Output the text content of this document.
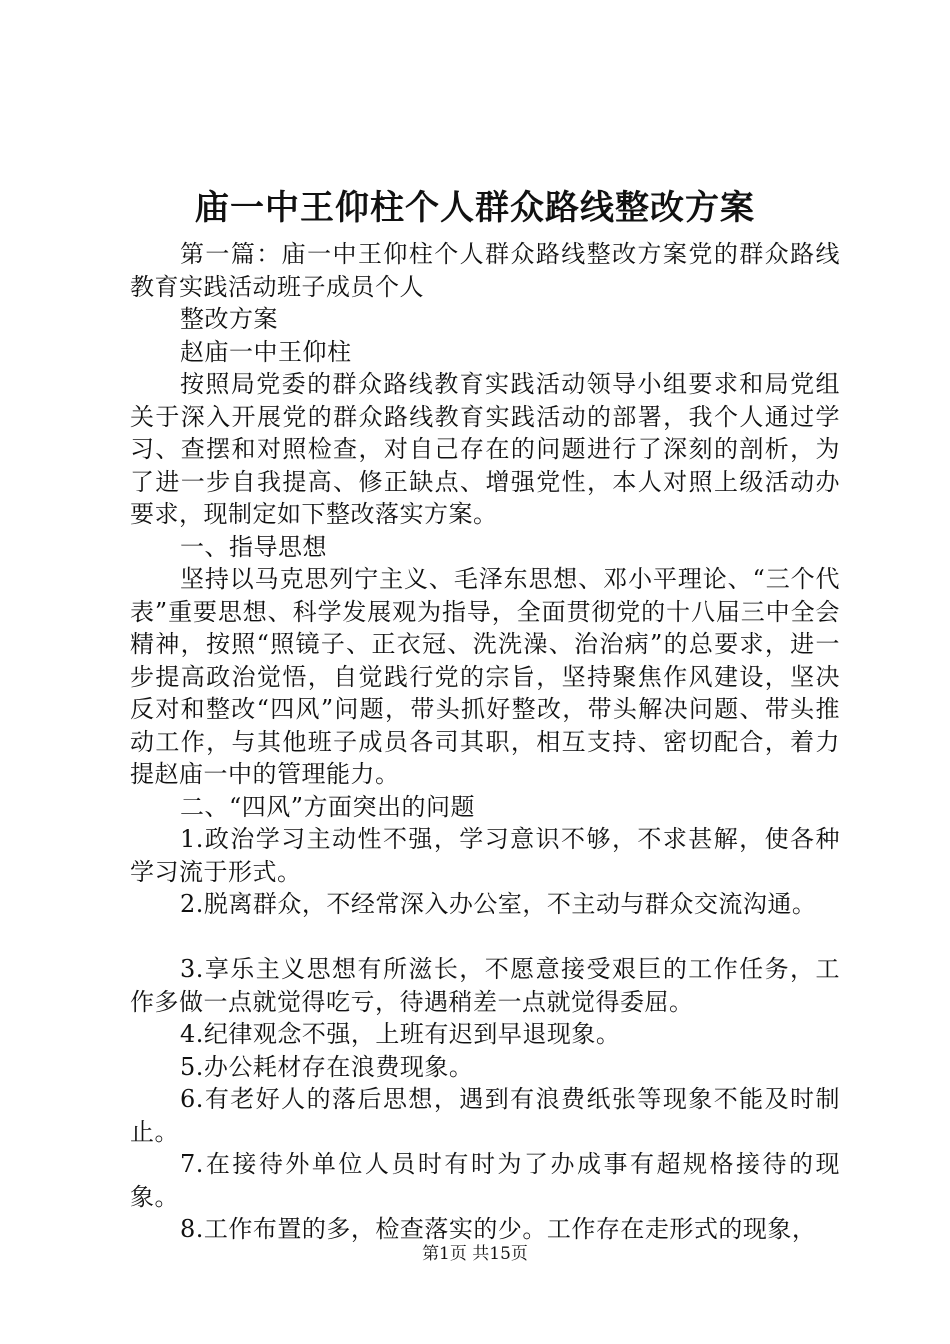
庙一中王仰柱个人群众路线整改方案

第一篇：庙一中王仰柱个人群众路线整改方案党的群众路线教育实践活动班子成员个人

整改方案

赵庙一中王仰柱

按照局党委的群众路线教育实践活动领导小组要求和局党组关于深入开展党的群众路线教育实践活动的部署，我个人通过学习、查摆和对照检查，对自己存在的问题进行了深刻的剖析，为了进一步自我提高、修正缺点、增强党性，本人对照上级活动办要求，现制定如下整改落实方案。

一、指导思想

坚持以马克思列宁主义、毛泽东思想、邓小平理论、“三个代表”重要思想、科学发展观为指导，全面贯彻党的十八届三中全会精神，按照“照镜子、正衣冠、洗洗澡、治治病”的总要求，进一步提高政治觉悟，自觉践行党的宗旨，坚持聚焦作风建设，坚决反对和整改“四风”问题，带头抓好整改，带头解决问题、带头推动工作，与其他班子成员各司其职，相互支持、密切配合，着力提赵庙一中的管理能力。

二、“四风”方面突出的问题

1.政治学习主动性不强，学习意识不够，不求甚解，使各种学习流于形式。

2.脱离群众，不经常深入办公室，不主动与群众交流沟通。

3.享乐主义思想有所滋长，不愿意接受艰巨的工作任务，工作多做一点就觉得吃亏，待遇稍差一点就觉得委屈。

4.纪律观念不强，上班有迟到早退现象。

5.办公耗材存在浪费现象。

6.有老好人的落后思想，遇到有浪费纸张等现象不能及时制止。

7.在接待外单位人员时有时为了办成事有超规格接待的现象。

8.工作布置的多，检查落实的少。工作存在走形式的现象，

第1页 共15页
